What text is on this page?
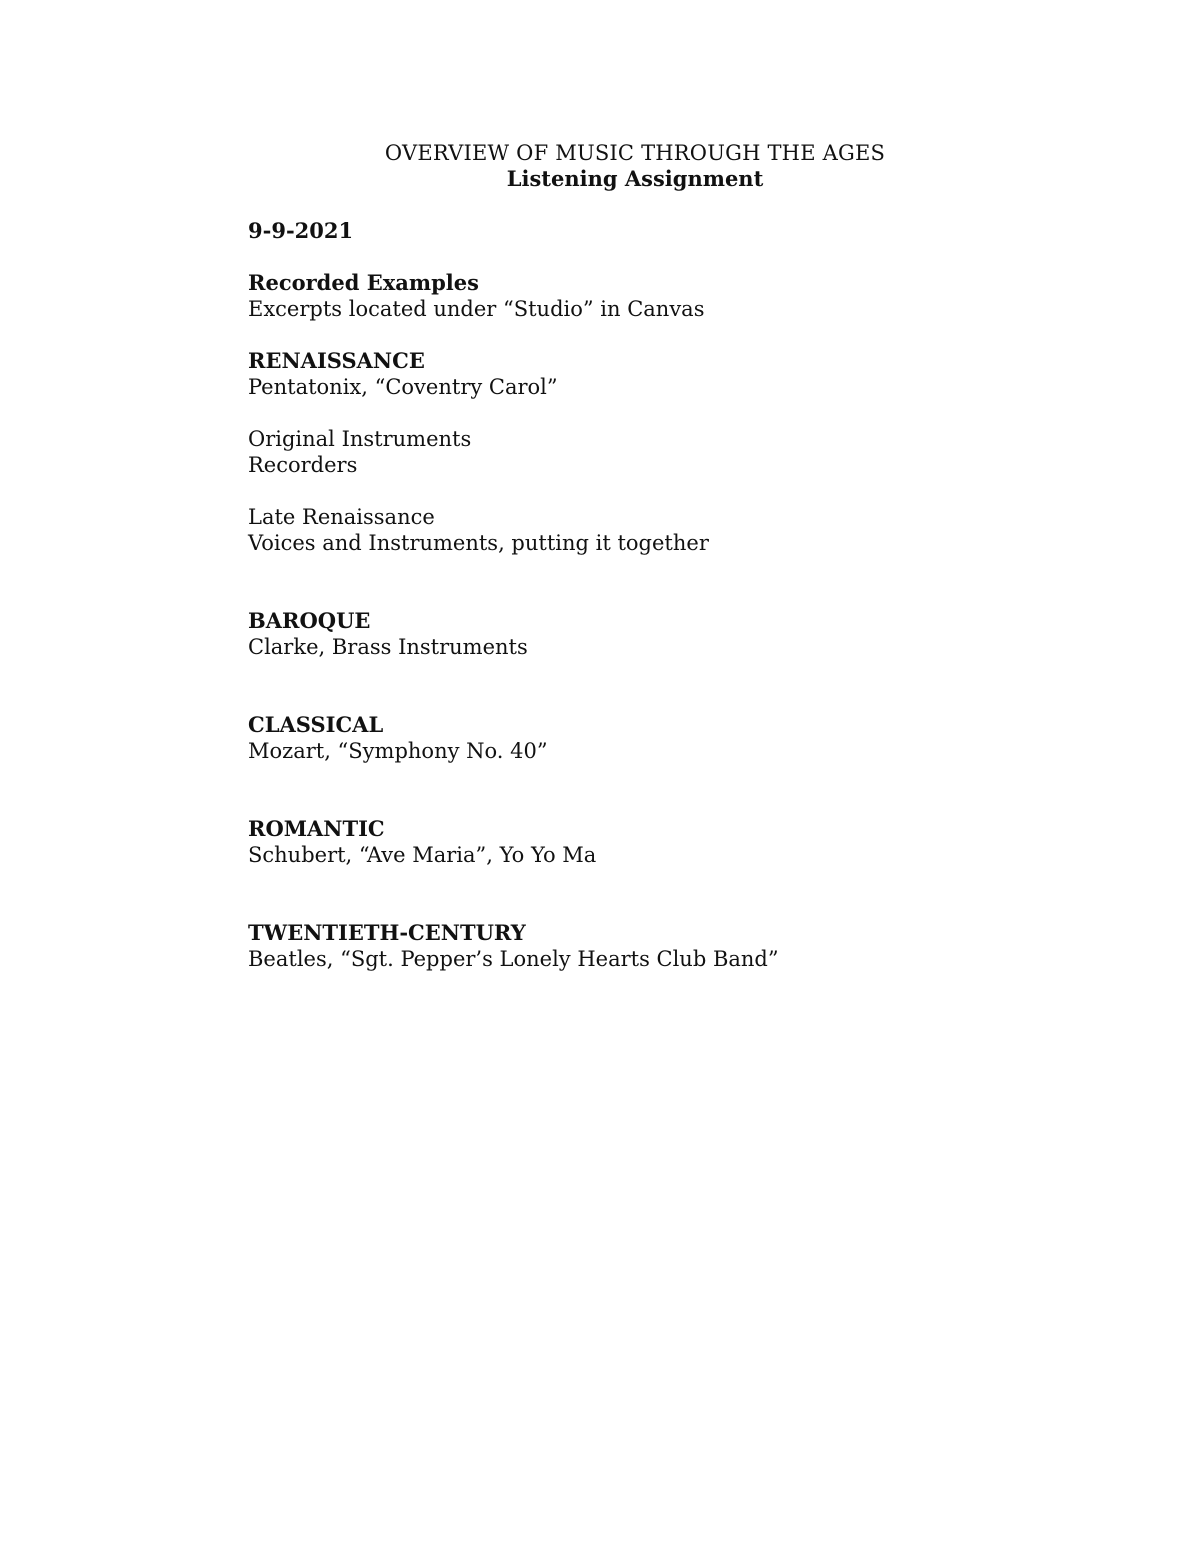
OVERVIEW OF MUSIC THROUGH THE AGES

Listening Assignment

9-9-2021

Recorded Examples

Excerpts located under “Studio” in Canvas

RENAISSANCE

Pentatonix, “Coventry Carol”

Original Instruments

Recorders

Late Renaissance

Voices and Instruments, putting it together

BAROQUE

Clarke, Brass Instruments

CLASSICAL

Mozart, “Symphony No. 40”

ROMANTIC

Schubert, “Ave Maria”, Yo Yo Ma

TWENTIETH-CENTURY

Beatles, “Sgt. Pepper’s Lonely Hearts Club Band”
